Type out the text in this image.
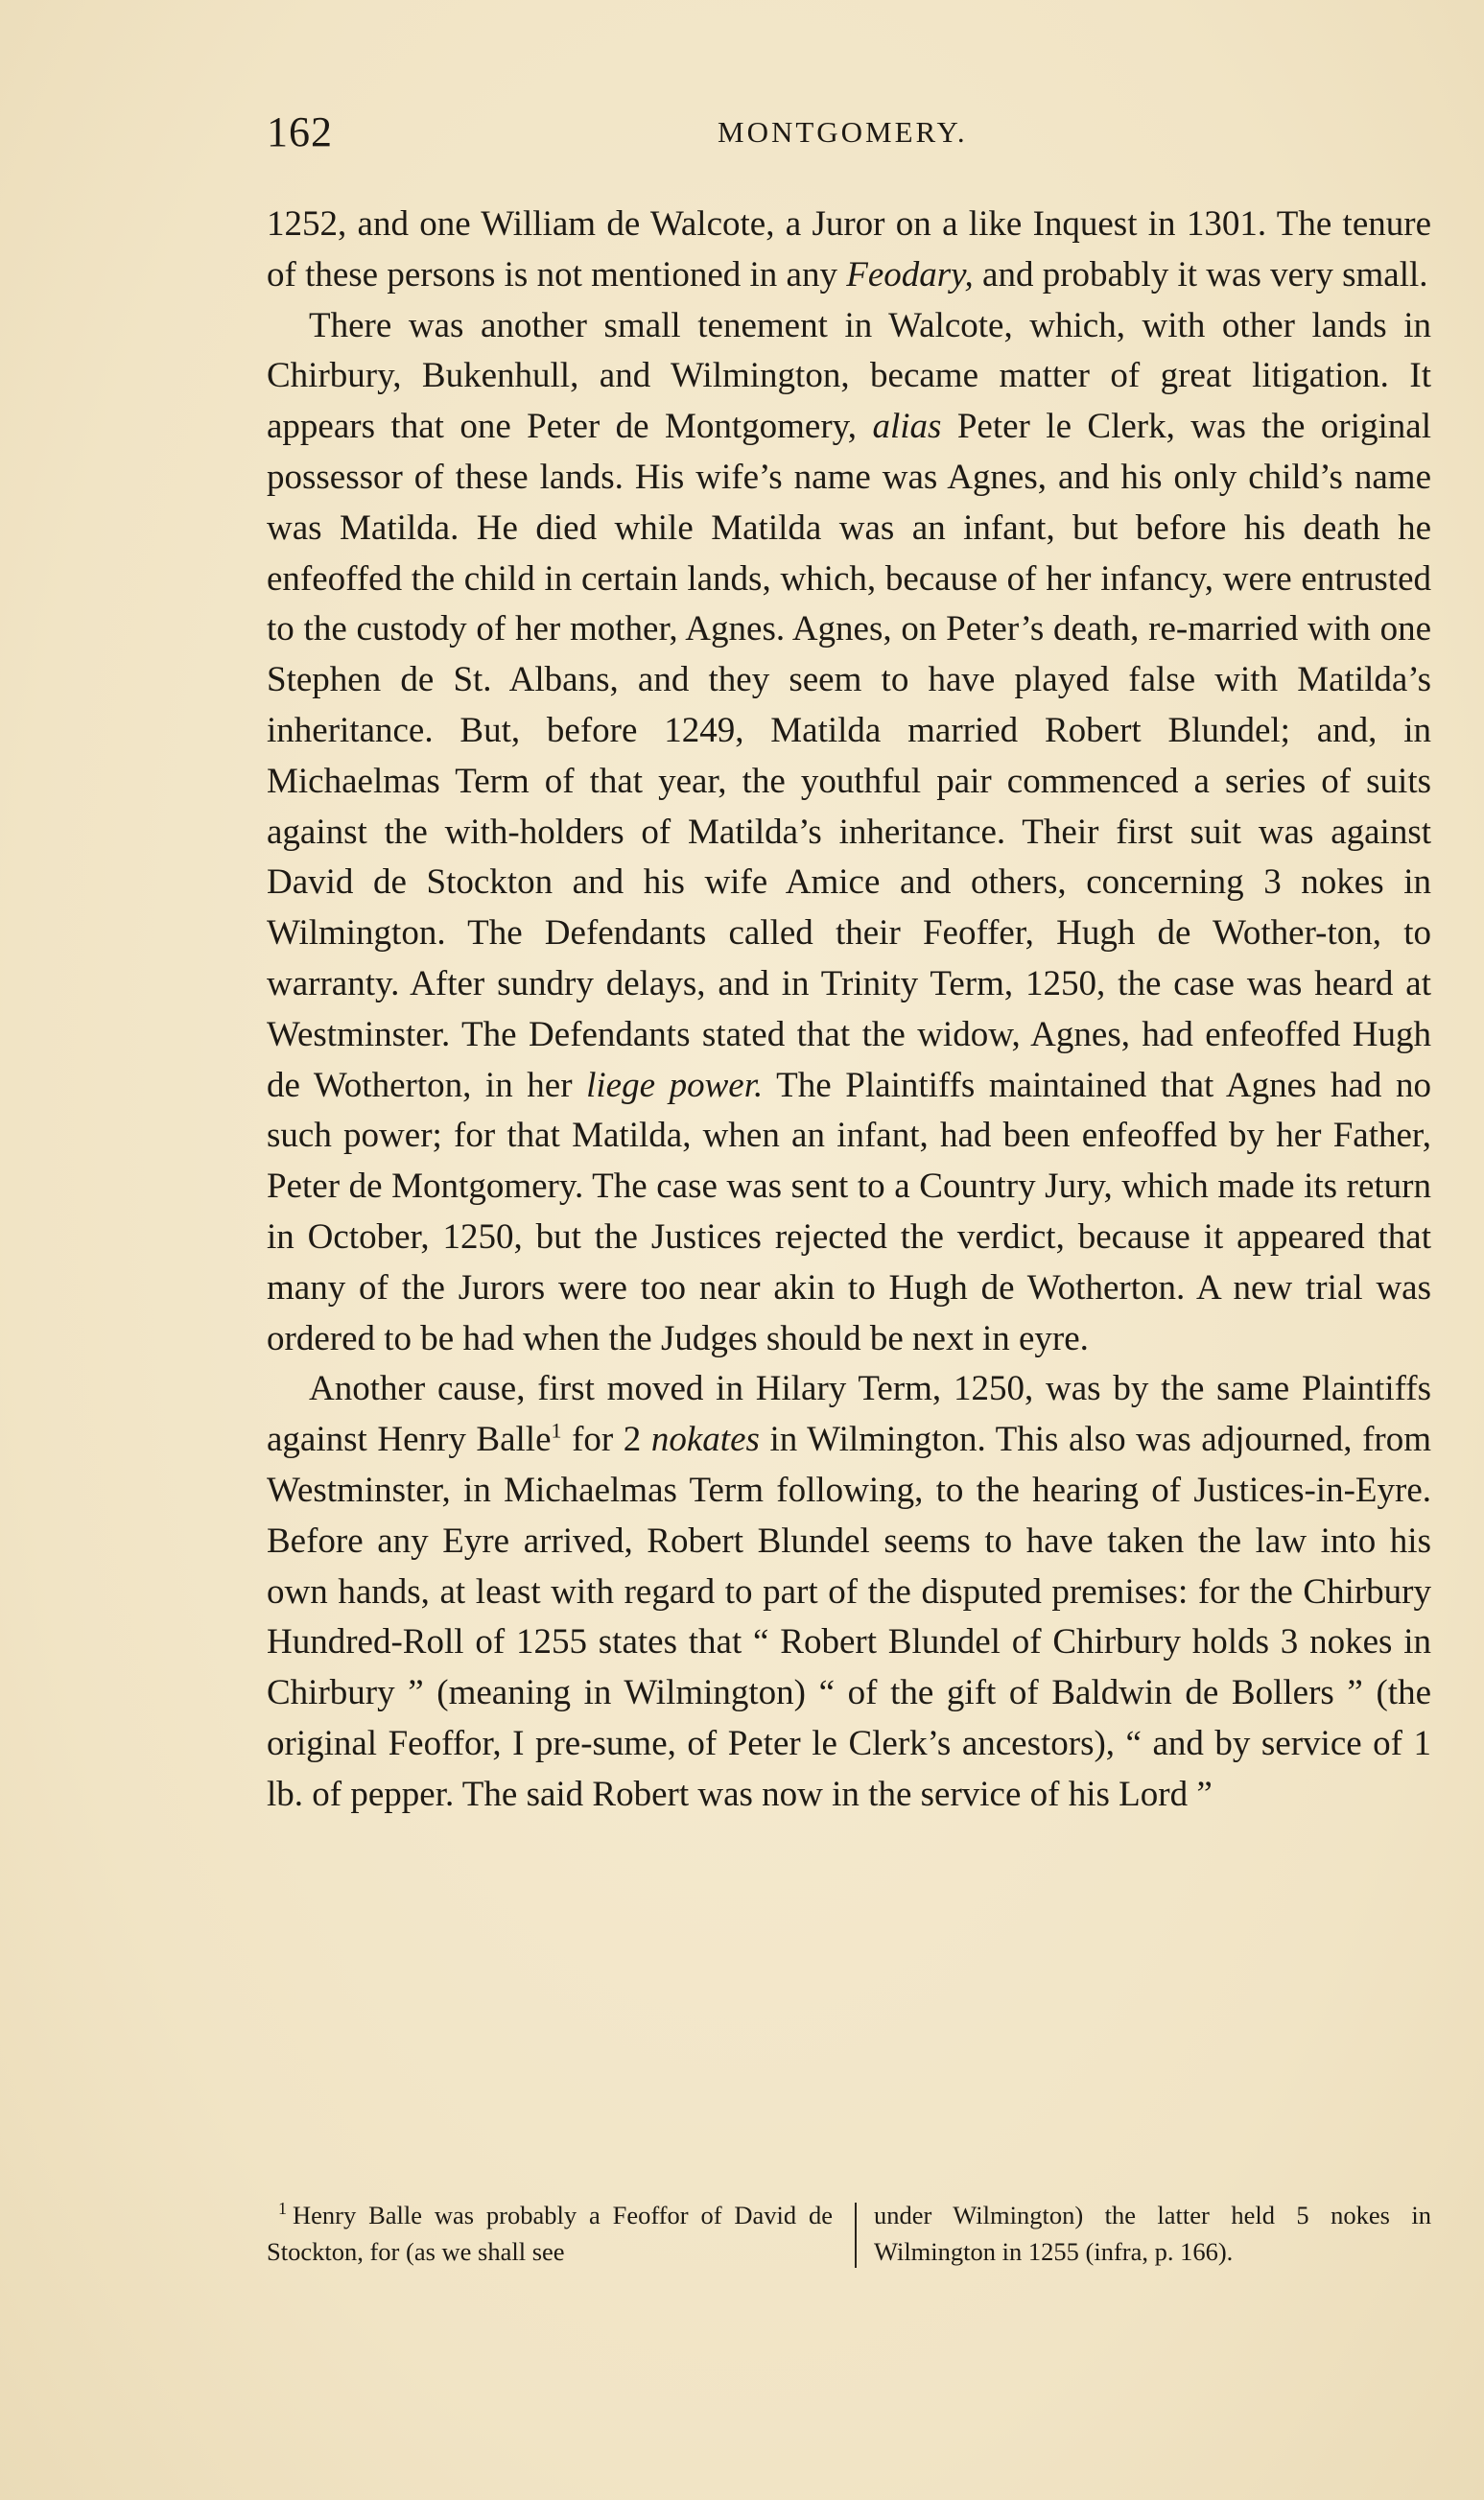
162	MONTGOMERY.

1252, and one William de Walcote, a Juror on a like Inquest in 1301. The tenure of these persons is not mentioned in any Feodary, and probably it was very small.

There was another small tenement in Walcote, which, with other lands in Chirbury, Bukenhull, and Wilmington, became matter of great litigation. It appears that one Peter de Montgomery, alias Peter le Clerk, was the original possessor of these lands. His wife’s name was Agnes, and his only child’s name was Matilda. He died while Matilda was an infant, but before his death he enfeoffed the child in certain lands, which, because of her infancy, were entrusted to the custody of her mother, Agnes. Agnes, on Peter’s death, re-married with one Stephen de St. Albans, and they seem to have played false with Matilda’s inheritance. But, before 1249, Matilda married Robert Blundel; and, in Michaelmas Term of that year, the youthful pair commenced a series of suits against the with-holders of Matilda’s inheritance. Their first suit was against David de Stockton and his wife Amice and others, concerning 3 nokes in Wilmington. The Defendants called their Feoffer, Hugh de Wother-ton, to warranty. After sundry delays, and in Trinity Term, 1250, the case was heard at Westminster. The Defendants stated that the widow, Agnes, had enfeoffed Hugh de Wotherton, in her liege power. The Plaintiffs maintained that Agnes had no such power; for that Matilda, when an infant, had been enfeoffed by her Father, Peter de Montgomery. The case was sent to a Country Jury, which made its return in October, 1250, but the Justices rejected the verdict, because it appeared that many of the Jurors were too near akin to Hugh de Wotherton. A new trial was ordered to be had when the Judges should be next in eyre.

Another cause, first moved in Hilary Term, 1250, was by the same Plaintiffs against Henry Balle$^1$ for 2 nokates in Wilmington. This also was adjourned, from Westminster, in Michaelmas Term following, to the hearing of Justices-in-Eyre. Before any Eyre arrived, Robert Blundel seems to have taken the law into his own hands, at least with regard to part of the disputed premises: for the Chirbury Hundred-Roll of 1255 states that “ Robert Blundel of Chirbury holds 3 nokes in Chirbury ” (meaning in Wilmington) “ of the gift of Baldwin de Bollers ” (the original Feoffor, I pre-sume, of Peter le Clerk’s ancestors), “ and by service of 1 lb. of pepper. The said Robert was now in the service of his Lord ”

$^1$ Henry Balle was probably a Feoffor of David de Stockton, for (as we shall see
under Wilmington) the latter held 5 nokes in Wilmington in 1255 (infra, p. 166).
